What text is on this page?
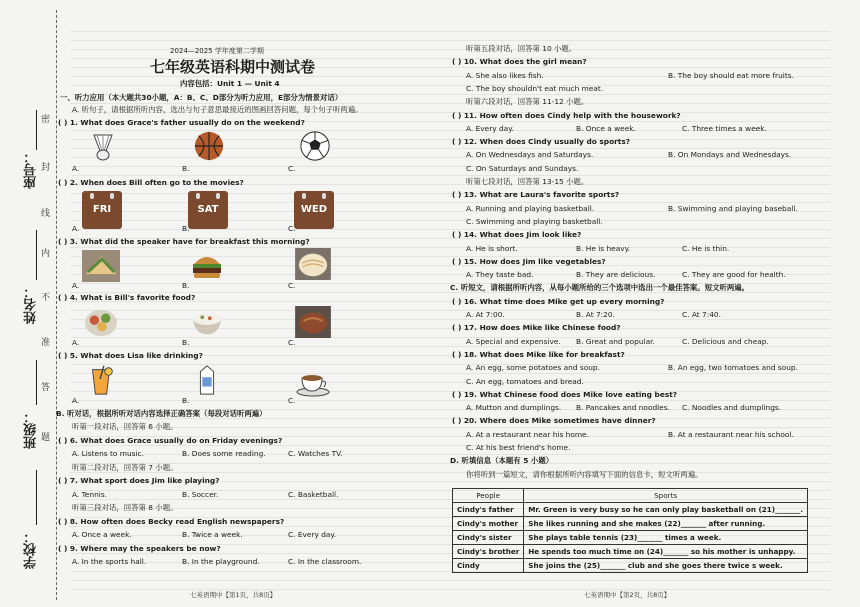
座号：
姓名：
班级：
学校：
密
封
线
内
不
准
答
题
2024—2025 学年度第二学期
七年级英语科期中测试卷
内容包括：Unit 1 — Unit 4
一、听力应用（本大题共30小题，A：B、C、D部分为听力应用，E部分为情景对话）
A. 听句子，请根据所听内容，选出与句子意思最接近的图画回答问题，每个句子听两遍。
( ) 1. What does Grace's father usually do on the weekend?
A.	B.	C.
( ) 2. When does Bill often go to the movies?
FRI	SAT	WED
A.	B.	C.
( ) 3. What did the speaker have for breakfast this morning?
A.	B.	C.
( ) 4. What is Bill's favorite food?
A.	B.	C.
( ) 5. What does Lisa like drinking?
A.	B.	C.
B. 听对话，根据所听对话内容选择正确答案（每段对话听两遍）
听第一段对话，回答第 6 小题。
( ) 6. What does Grace usually do on Friday evenings?
A. Listens to music.	B. Does some reading.	C. Watches TV.
听第二段对话，回答第 7 小题。
( ) 7. What sport does Jim like playing?
A. Tennis.	B. Soccer.	C. Basketball.
听第三段对话，回答第 8 小题。
( ) 8. How often does Becky read English newspapers?
A. Once a week.	B. Twice a week.	C. Every day.
( ) 9. Where may the speakers be now?
A. In the sports hall.	B. In the playground.	C. In the classroom.
七英语期中【第1页，共8页】
听第五段对话，回答第 10 小题。
( ) 10. What does the girl mean?
A. She also likes fish.	B. The boy should eat more fruits.
C. The boy shouldn't eat much meat.
听第六段对话，回答第 11-12 小题。
( ) 11. How often does Cindy help with the housework?
A. Every day.	B. Once a week.	C. Three times a week.
( ) 12. When does Cindy usually do sports?
A. On Wednesdays and Saturdays.	B. On Mondays and Wednesdays.
C. On Saturdays and Sundays.
听第七段对话，回答第 13-15 小题。
( ) 13. What are Laura's favorite sports?
A. Running and playing basketball.	B. Swimming and playing baseball.
C. Swimming and playing basketball.
( ) 14. What does Jim look like?
A. He is short.	B. He is heavy.	C. He is thin.
( ) 15. How does Jim like vegetables?
A. They taste bad.	B. They are delicious.	C. They are good for health.
C. 听短文，请根据所听内容，从每小题所给的三个选项中选出一个最佳答案。短文听两遍。
( ) 16. What time does Mike get up every morning?
A. At 7:00.	B. At 7:20.	C. At 7:40.
( ) 17. How does Mike like Chinese food?
A. Special and expensive. B. Great and popular.	C. Delicious and cheap.
( ) 18. What does Mike like for breakfast?
A. An egg, some potatoes and soup.	B. An egg, two tomatoes and soup.
C. An egg, tomatoes and bread.
( ) 19. What Chinese food does Mike love eating best?
A. Mutton and dumplings. B. Pancakes and noodles. C. Noodles and dumplings.
( ) 20. Where does Mike sometimes have dinner?
A. At a restaurant near his home.	B. At a restaurant near his school.
C. At his best friend's home.
D. 听填信息（本题有 5 小题）
你将听到一篇短文，请你根据所听内容填写下面的信息卡，短文听两遍。
People	Sports
Cindy's father	Mr. Green is very busy so he can only play basketball on (21)_______.
Cindy's mother	She likes running and she makes (22)_______ after running.
Cindy's sister	She plays table tennis (23)_______ times a week.
Cindy's brother	He spends too much time on (24)_______ so his mother is unhappy.
Cindy	She joins the (25)_______ club and she goes there twice s week.
七英语期中【第2页，共8页】
